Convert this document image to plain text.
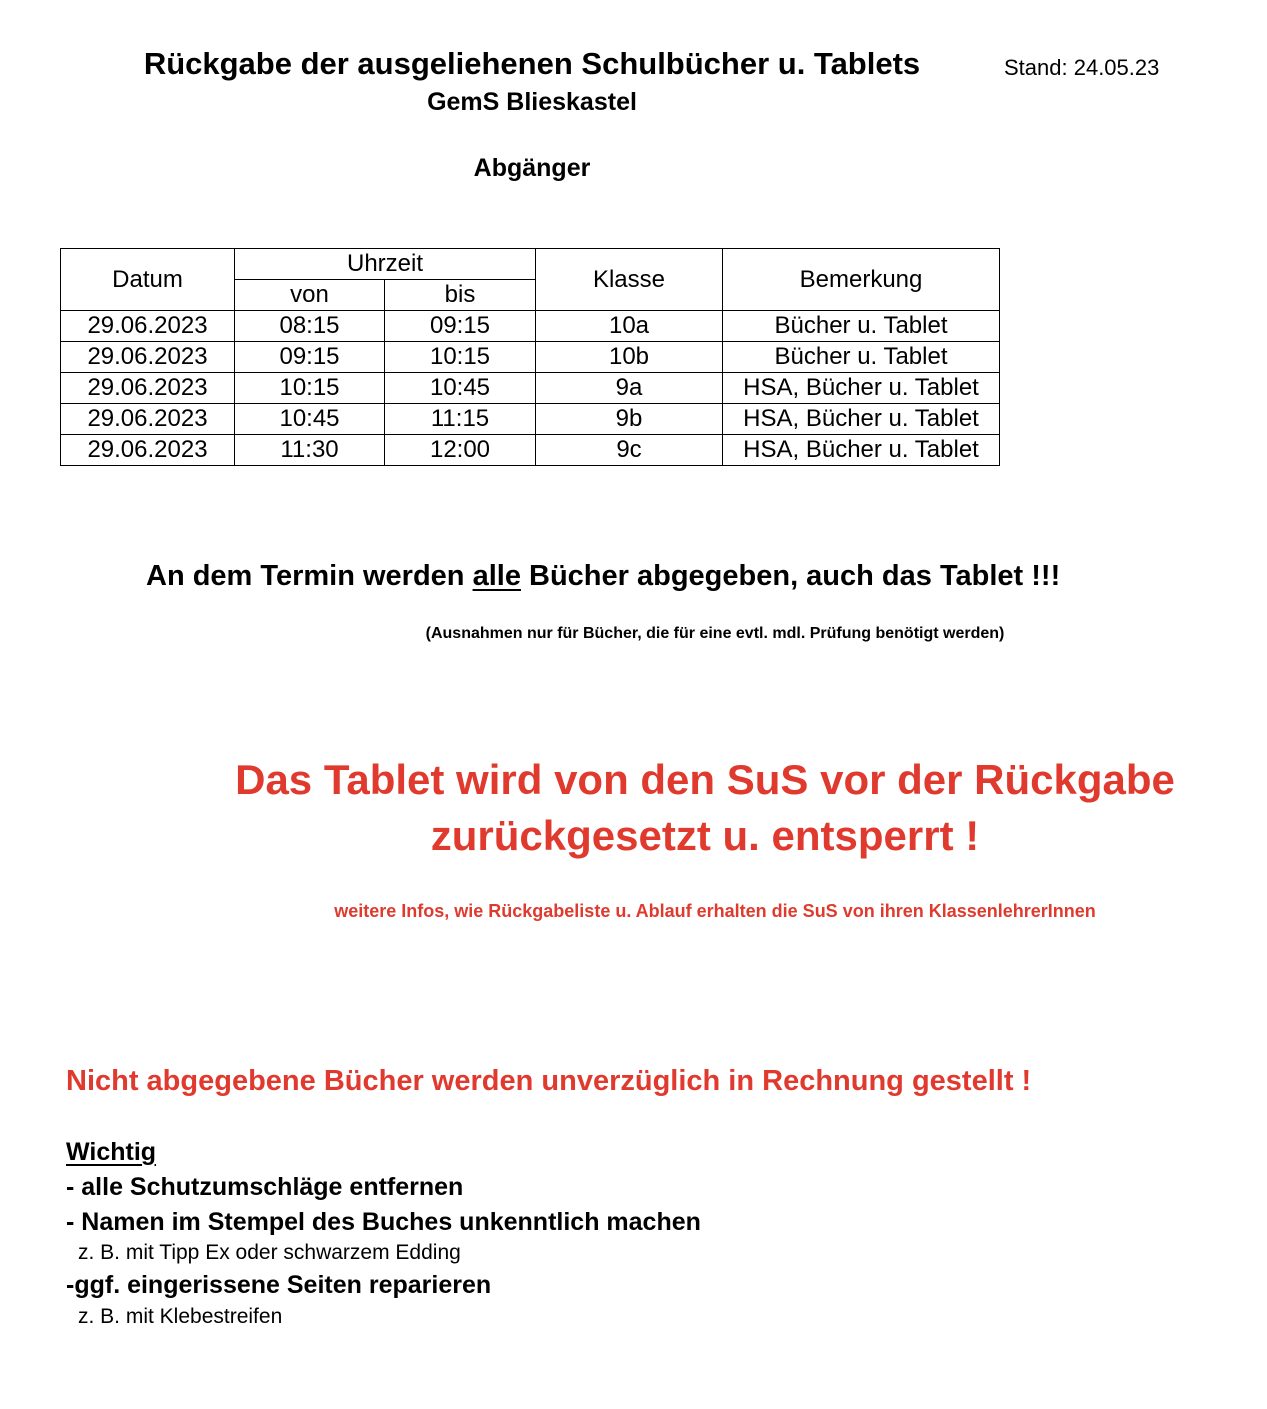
Rückgabe der ausgeliehenen Schulbücher u. Tablets	Stand: 24.05.23
GemS Blieskastel
Abgänger
Datum	Uhrzeit		Klasse	Bemerkung
	von	bis		
29.06.2023	08:15	09:15	10a	Bücher u. Tablet
29.06.2023	09:15	10:15	10b	Bücher u. Tablet
29.06.2023	10:15	10:45	9a	HSA, Bücher u. Tablet
29.06.2023	10:45	11:15	9b	HSA, Bücher u. Tablet
29.06.2023	11:30	12:00	9c	HSA, Bücher u. Tablet
An dem Termin werden alle Bücher abgegeben, auch das Tablet !!!
(Ausnahmen nur für Bücher, die für eine evtl. mdl. Prüfung benötigt werden)
Das Tablet wird von den SuS vor der Rückgabe
zurückgesetzt u. entsperrt !
weitere Infos, wie Rückgabeliste u. Ablauf erhalten die SuS von ihren KlassenlehrerInnen
Nicht abgegebene Bücher werden unverzüglich in Rechnung gestellt !
Wichtig
- alle Schutzumschläge entfernen
- Namen im Stempel des Buches unkenntlich machen
z. B. mit Tipp Ex oder schwarzem Edding
-ggf. eingerissene Seiten reparieren
z. B. mit Klebestreifen
